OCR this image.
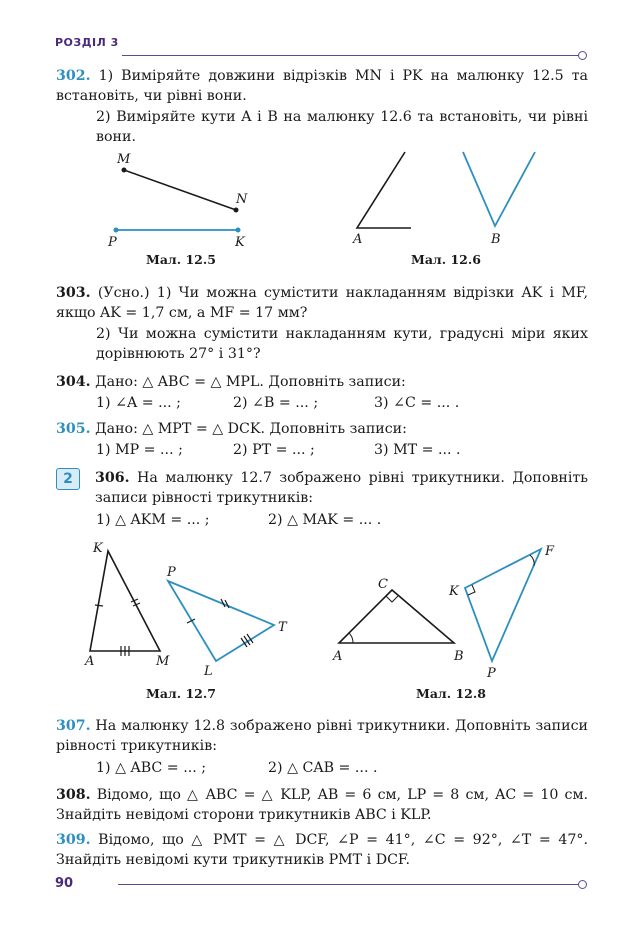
РОЗДІЛ 3
302. 1) Виміряйте довжини відрізків MN і PK на малюнку 12.5 та встановіть, чи рівні вони.
2) Виміряйте кути A і B на малюнку 12.6 та встановіть, чи рівні вони.
M
N
P	K
Мал. 12.5
A	B
Мал. 12.6
303. (Усно.) 1) Чи можна сумістити накладанням відрізки AK і MF, якщо AK = 1,7 см, а MF = 17 мм?
2) Чи можна сумістити накладанням кути, градусні міри яких дорівнюють 27° і 31°?
304. Дано: △ ABC = △ MPL. Доповніть записи:
1) ∠A = ... ;	2) ∠B = ... ;	3) ∠C = ... .
305. Дано: △ MPT = △ DCK. Доповніть записи:
1) MP = ... ;	2) PT = ... ;	3) MT = ... .
2	306. На малюнку 12.7 зображено рівні трикутники. Доповніть записи рівності трикутників:
1) △ AKM = ... ;	2) △ MAK = ... .
K
A	M
P
T
L
Мал. 12.7
C
A	B
F
K
P
Мал. 12.8
307. На малюнку 12.8 зображено рівні трикутники. Доповніть записи рівності трикутників:
1) △ ABC = ... ;	2) △ CAB = ... .
308. Відомо, що △ ABC = △ KLP, AB = 6 см, LP = 8 см, AC = 10 см. Знайдіть невідомі сторони трикутників ABC і KLP.
309. Відомо, що △ PMT = △ DCF, ∠P = 41°, ∠C = 92°, ∠T = 47°. Знайдіть невідомі кути трикутників PMT і DCF.
90
